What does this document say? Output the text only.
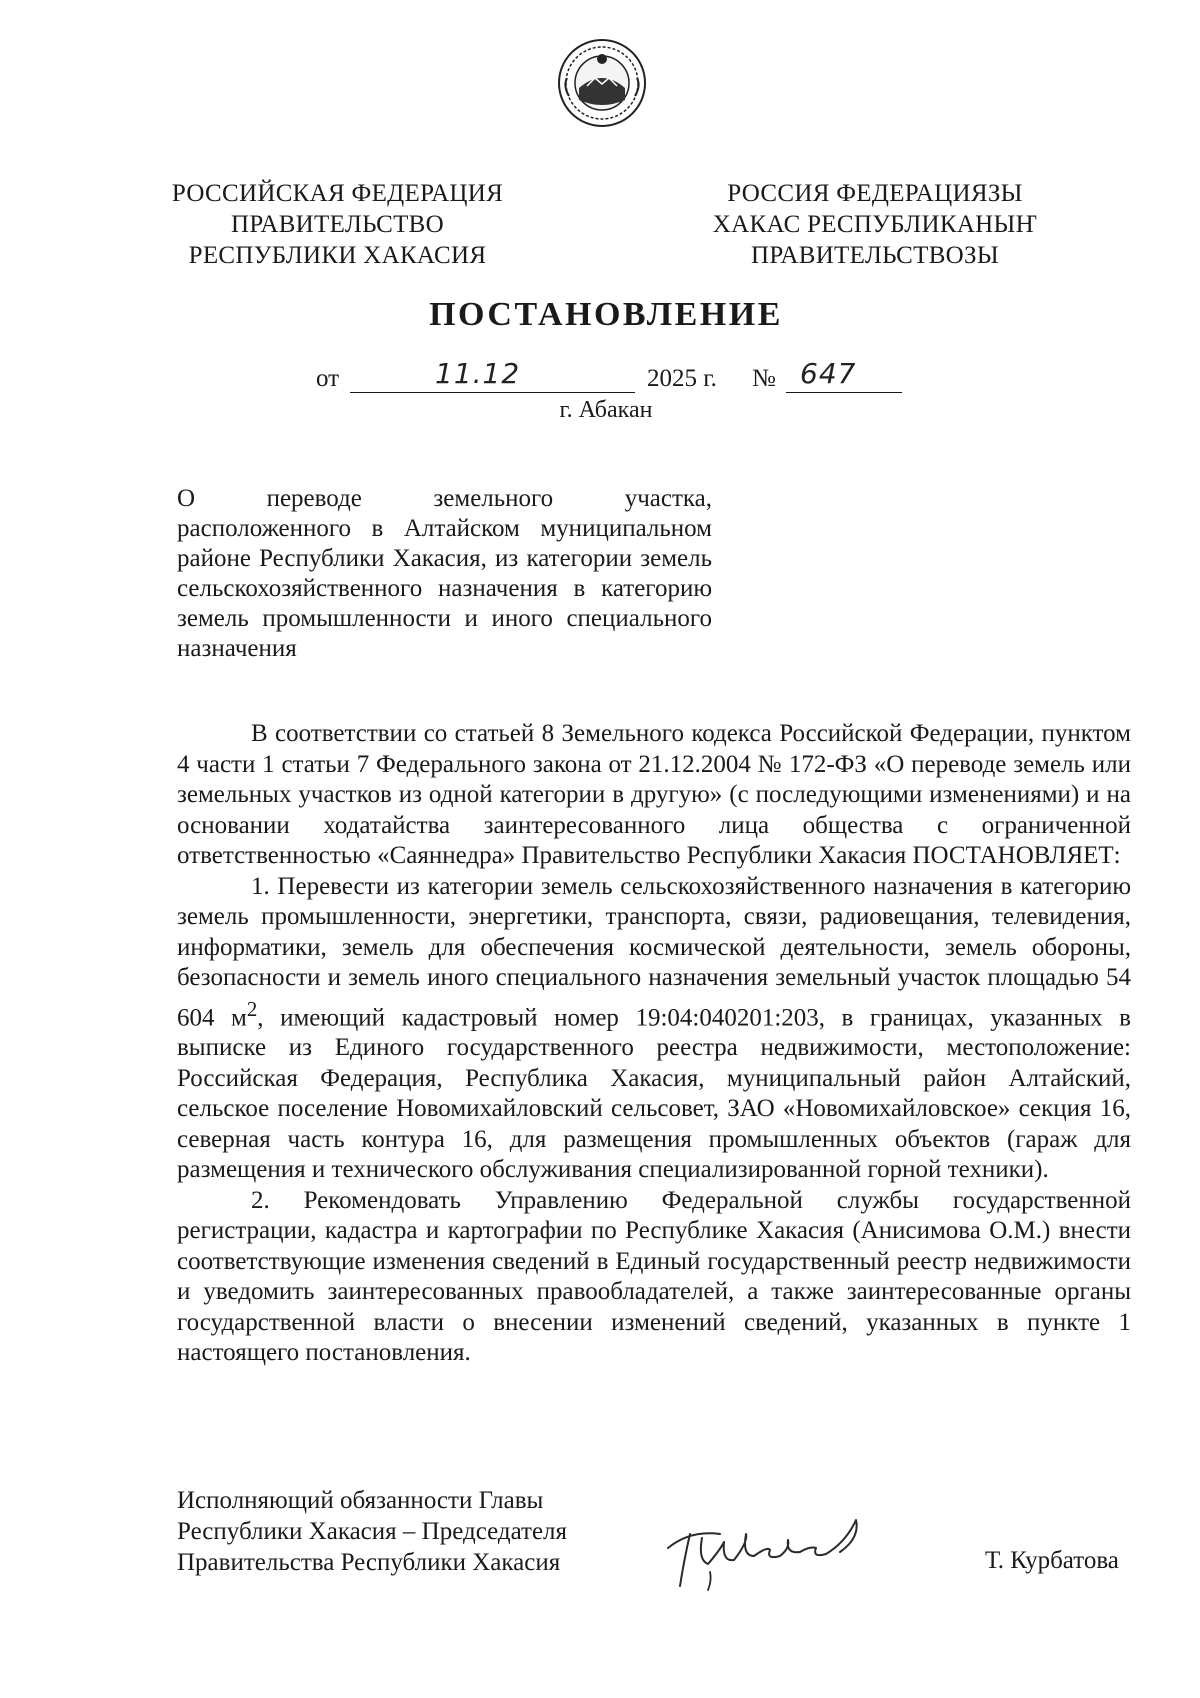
РОССИЙСКАЯ ФЕДЕРАЦИЯ
ПРАВИТЕЛЬСТВО
РЕСПУБЛИКИ ХАКАСИЯ
РОССИЯ ФЕДЕРАЦИЯЗЫ
ХАКАС РЕСПУБЛИКАНЫҤ
ПРАВИТЕЛЬСТВОЗЫ
ПОСТАНОВЛЕНИЕ
от	11.12	2025 г. № 647
г. Абакан

О переводе земельного участка,

расположенного в Алтайском муниципальном районе Республики Хакасия, из категории земель сельскохозяйственного назначения в категорию земель промышленности и иного специального назначения

В соответствии со статьей 8 Земельного кодекса Российской Федерации, пунктом 4 части 1 статьи 7 Федерального закона от 21.12.2004 № 172-ФЗ «О переводе земель или земельных участков из одной категории в другую» (с последующими изменениями) и на основании ходатайства заинтересованного лица общества с ограниченной ответственностью «Саяннедра» Правительство Республики Хакасия ПОСТАНОВЛЯЕТ:

1. Перевести из категории земель сельскохозяйственного назначения в категорию земель промышленности, энергетики, транспорта, связи, радиовещания, телевидения, информатики, земель для обеспечения космической деятельности, земель обороны, безопасности и земель иного специального назначения земельный участок площадью 54 604 $м^2$, имеющий кадастровый номер 19:04:040201:203, в границах, указанных в выписке из Единого государственного реестра недвижимости, местоположение: Российская Федерация, Республика Хакасия, муниципальный район Алтайский, сельское поселение Новомихайловский сельсовет, ЗАО «Новомихайловское» секция 16, северная часть контура 16, для размещения промышленных объектов (гараж для размещения и технического обслуживания специализированной горной техники).

2. Рекомендовать Управлению Федеральной службы государственной регистрации, кадастра и картографии по Республике Хакасия (Анисимова О.М.) внести соответствующие изменения сведений в Единый государственный реестр недвижимости и уведомить заинтересованных правообладателей, а также заинтересованные органы государственной власти о внесении изменений сведений, указанных в пункте 1 настоящего постановления.

Исполняющий обязанности Главы
Республики Хакасия – Председателя
Правительства Республики Хакасия	Т. Курбатова
